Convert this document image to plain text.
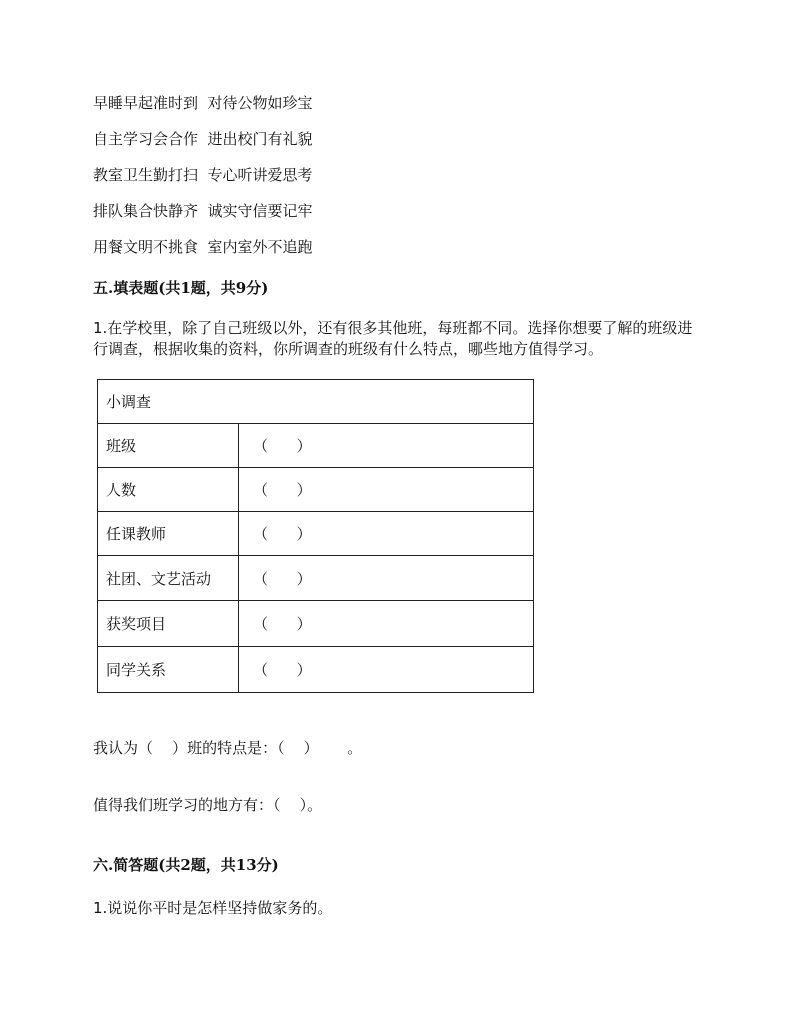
早睡早起准时到  对待公物如珍宝
自主学习会合作  进出校门有礼貌
教室卫生勤打扫  专心听讲爱思考
排队集合快静齐  诚实守信要记牢
用餐文明不挑食  室内室外不追跑
五.填表题(共1题，共9分)
1.在学校里，除了自己班级以外，还有很多其他班，每班都不同。选择你想要了解的班级进行调查，根据收集的资料，你所调查的班级有什么特点，哪些地方值得学习。
小调查	
班级	（      ）
人数	（      ）
任课教师	（      ）
社团、文艺活动	（      ）
获奖项目	（      ）
同学关系	（      ）
我认为（    ）班的特点是：（    ）      。
值得我们班学习的地方有：（    ）。
六.简答题(共2题，共13分)
1.说说你平时是怎样坚持做家务的。
